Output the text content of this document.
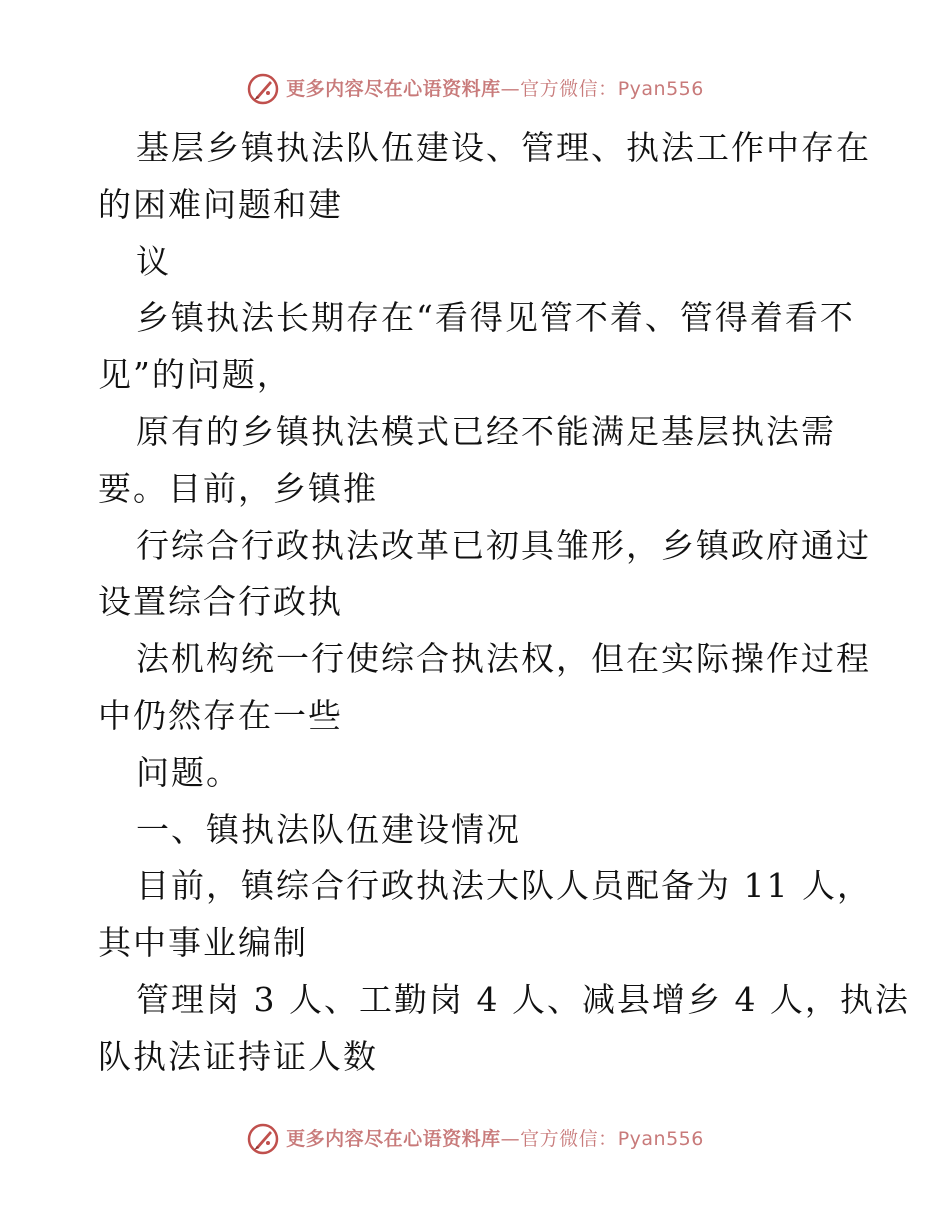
更多内容尽在心语资料库—官方微信：Pyan556
基层乡镇执法队伍建设、管理、执法工作中存在
的困难问题和建
议
乡镇执法长期存在“看得见管不着、管得着看不
见”的问题，
原有的乡镇执法模式已经不能满足基层执法需
要。目前，乡镇推
行综合行政执法改革已初具雏形，乡镇政府通过
设置综合行政执
法机构统一行使综合执法权，但在实际操作过程
中仍然存在一些
问题。
一、镇执法队伍建设情况
目前，镇综合行政执法大队人员配备为 11 人，
其中事业编制
管理岗 3 人、工勤岗 4 人、减县增乡 4 人，执法
队执法证持证人数
更多内容尽在心语资料库—官方微信：Pyan556
